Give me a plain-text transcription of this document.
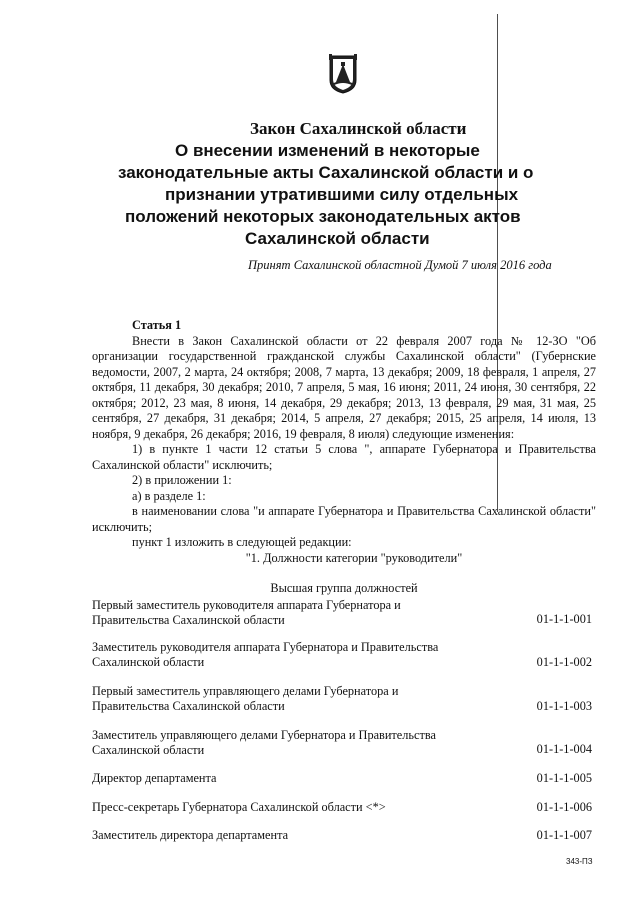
Закон Сахалинской области
О внесении изменений в некоторые
законодательные акты Сахалинской области и о
признании утратившими силу отдельных
положений некоторых законодательных актов
Сахалинской области
Принят Сахалинской областной Думой 7 июля 2016 года

Статья 1

Внести в Закон Сахалинской области от 22 февраля 2007 года № 12-ЗО "Об организации государственной гражданской службы Сахалинской области" (Губернские ведомости, 2007, 2 марта, 24 октября; 2008, 7 марта, 13 декабря; 2009, 18 февраля, 1 апреля, 27 октября, 11 декабря, 30 декабря; 2010, 7 апреля, 5 мая, 16 июня; 2011, 24 июня, 30 сентября, 22 октября; 2012, 23 мая, 8 июня, 14 декабря, 29 декабря; 2013, 13 февраля, 29 мая, 31 мая, 25 сентября, 27 декабря, 31 декабря; 2014, 5 апреля, 27 декабря; 2015, 25 апреля, 14 июля, 13 ноября, 9 декабря, 26 декабря; 2016, 19 февраля, 8 июля) следующие изменения:

1) в пункте 1 части 12 статьи 5 слова ", аппарате Губернатора и Правительства Сахалинской области" исключить;

2) в приложении 1:

а) в разделе 1:

в наименовании слова "и аппарате Губернатора и Правительства Сахалинской области" исключить;

пункт 1 изложить в следующей редакции:

"1. Должности категории "руководители"

Высшая группа должностей

Первый заместитель руководителя аппарата Губернатора и Правительства Сахалинской области	01-1-1-001
Заместитель руководителя аппарата Губернатора и Правительства Сахалинской области	01-1-1-002
Первый заместитель управляющего делами Губернатора и Правительства Сахалинской области	01-1-1-003
Заместитель управляющего делами Губернатора и Правительства Сахалинской области	01-1-1-004
Директор департамента	01-1-1-005
Пресс-секретарь Губернатора Сахалинской области <*>	01-1-1-006
Заместитель директора департамента	01-1-1-007
343-ПЗ
